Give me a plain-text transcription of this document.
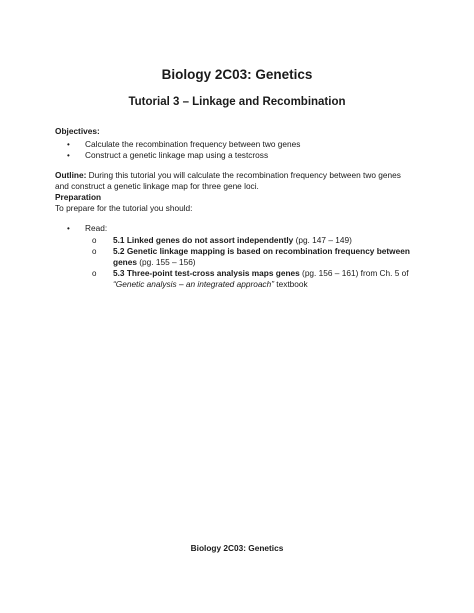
Biology 2C03: Genetics
Tutorial 3 – Linkage and Recombination
Objectives:
• Calculate the recombination frequency between two genes
• Construct a genetic linkage map using a testcross
Outline: During this tutorial you will calculate the recombination frequency between two genes and construct a genetic linkage map for three gene loci.
Preparation
To prepare for the tutorial you should:
• Read:
o 5.1 Linked genes do not assort independently (pg. 147 – 149)
o 5.2 Genetic linkage mapping is based on recombination frequency between genes (pg. 155 – 156)
o 5.3 Three-point test-cross analysis maps genes (pg. 156 – 161) from Ch. 5 of “Genetic analysis – an integrated approach” textbook
Biology 2C03: Genetics
